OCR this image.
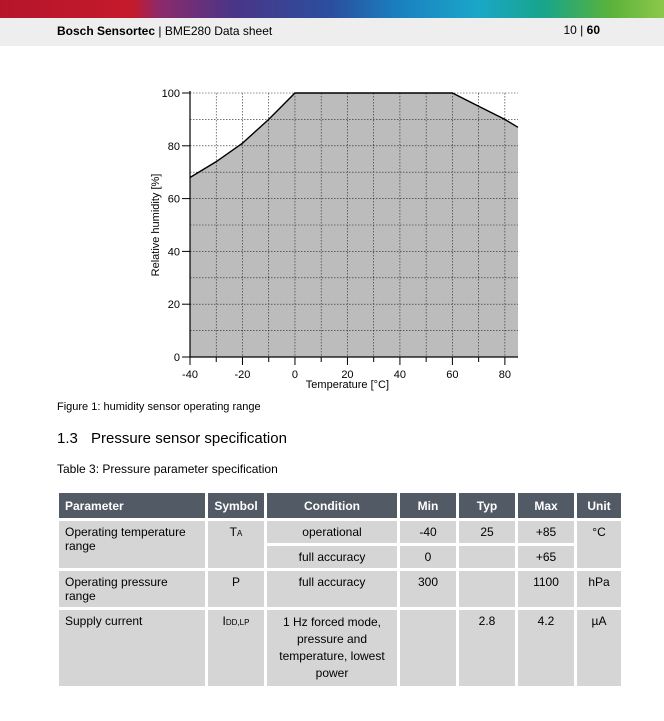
Bosch Sensortec | BME280 Data sheet	10 | 60
0
20
40
60
80
100
-40	-20	0	20	40	60	80
Temperature [°C]
Relative humidity [%]
Figure 1: humidity sensor operating range
1.3 Pressure sensor specification
Table 3: Pressure parameter specification
Parameter	Symbol	Condition	Min	Typ	Max	Unit
Operating temperature range	TA	operational	-40	25	+85	°C
		full accuracy	0		+65	
Operating pressure range	P	full accuracy	300		1100	hPa
Supply current	IDD,LP	1 Hz forced mode, pressure and temperature, lowest power		2.8	4.2	µA
